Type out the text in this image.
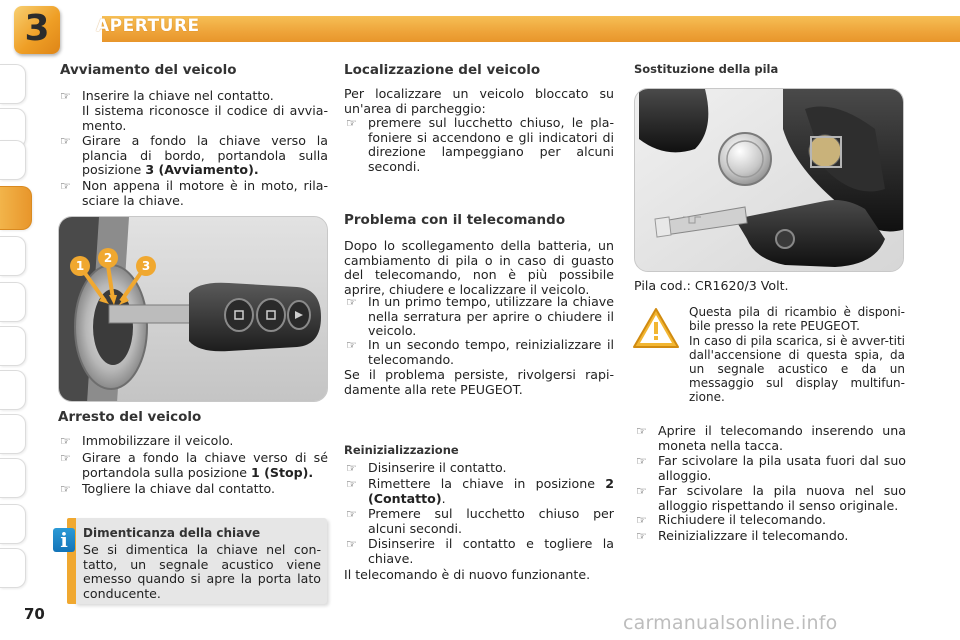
3	APERTURE
Avviamento del veicolo
☞ Inserire la chiave nel contatto.
Il sistema riconosce il codice di avvia-mento.
☞ Girare a fondo la chiave verso la plancia di bordo, portandola sulla posizione 3 (Avviamento).
☞ Non appena il motore è in moto, rila-sciare la chiave.
1
2
3
Arresto del veicolo
☞ Immobilizzare il veicolo.
☞ Girare a fondo la chiave verso di sé portandola sulla posizione 1 (Stop).
☞ Togliere la chiave dal contatto.
i	Dimenticanza della chiave
Se si dimentica la chiave nel con-tatto, un segnale acustico viene emesso quando si apre la porta lato conducente.
Localizzazione del veicolo
Per localizzare un veicolo bloccato su un'area di parcheggio:
☞ premere sul lucchetto chiuso, le pla-foniere si accendono e gli indicatori di direzione lampeggiano per alcuni secondi.
Problema con il telecomando
Dopo lo scollegamento della batteria, un cambiamento di pila o in caso di guasto del telecomando, non è più possibile aprire, chiudere e localizzare il veicolo.
☞ In un primo tempo, utilizzare la chiave nella serratura per aprire o chiudere il veicolo.
☞ In un secondo tempo, reinizializzare il telecomando.
Se il problema persiste, rivolgersi rapi-damente alla rete PEUGEOT.
Reinizializzazione
☞ Disinserire il contatto.
☞ Rimettere la chiave in posizione 2 (Contatto).
☞ Premere sul lucchetto chiuso per alcuni secondi.
☞ Disinserire il contatto e togliere la chiave.
Il telecomando è di nuovo funzionante.
Sostituzione della pila
Pila cod.: CR1620/3 Volt.
Questa pila di ricambio è disponi-bile presso la rete PEUGEOT.
In caso di pila scarica, si è avver-titi dall'accensione di questa spia, da un segnale acustico e da un messaggio sul display multifun-zione.
☞ Aprire il telecomando inserendo una moneta nella tacca.
☞ Far scivolare la pila usata fuori dal suo alloggio.
☞ Far scivolare la pila nuova nel suo alloggio rispettando il senso originale.
☞ Richiudere il telecomando.
☞ Reinizializzare il telecomando.
70	carmanualsonline.info
